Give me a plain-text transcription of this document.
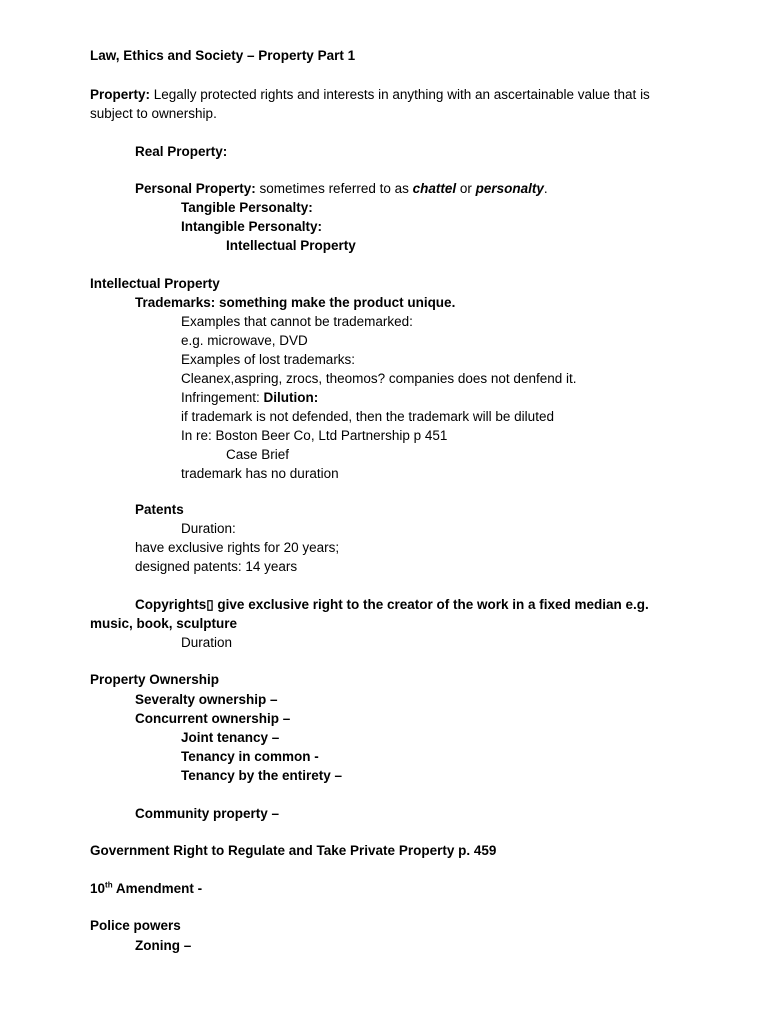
Law, Ethics and Society – Property Part 1
Property: Legally protected rights and interests in anything with an ascertainable value that is
subject to ownership.
Real Property:
Personal Property: sometimes referred to as chattel or personalty.
Tangible Personalty:
Intangible Personalty:
Intellectual Property
Intellectual Property
Trademarks: something make the product unique.
Examples that cannot be trademarked:
e.g. microwave, DVD
Examples of lost trademarks:
Cleanex,aspring, zrocs, theomos? companies does not denfend it.
Infringement: Dilution:
if trademark is not defended, then the trademark will be diluted
In re: Boston Beer Co, Ltd Partnership p 451
Case Brief
trademark has no duration
Patents
Duration:
have exclusive rights for 20 years;
designed patents: 14 years
Copyrights▯ give exclusive right to the creator of the work in a fixed median e.g.
music, book, sculpture
Duration
Property Ownership
Severalty ownership –
Concurrent ownership –
Joint tenancy –
Tenancy in common -
Tenancy by the entirety –
Community property –
Government Right to Regulate and Take Private Property p. 459
10th Amendment -
Police powers
Zoning –
